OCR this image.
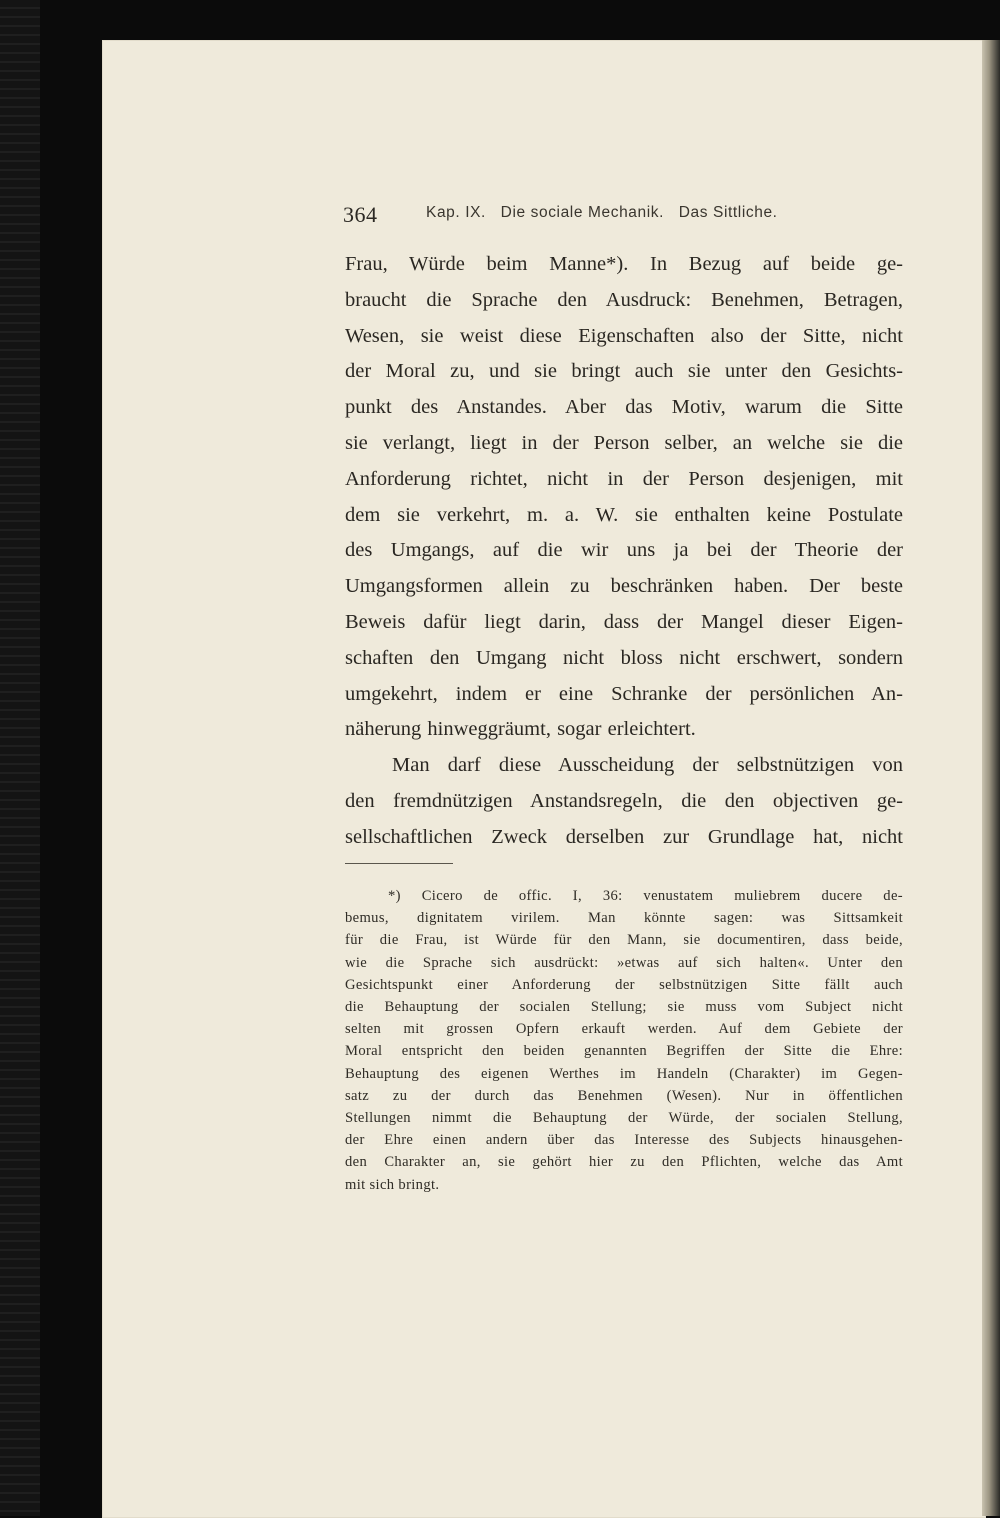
364	Kap. IX.   Die sociale Mechanik.   Das Sittliche.
Frau, Würde beim Manne*). In Bezug auf beide ge-
braucht die Sprache den Ausdruck: Benehmen, Betragen,
Wesen, sie weist diese Eigenschaften also der Sitte, nicht
der Moral zu, und sie bringt auch sie unter den Gesichts-
punkt des Anstandes. Aber das Motiv, warum die Sitte
sie verlangt, liegt in der Person selber, an welche sie die
Anforderung richtet, nicht in der Person desjenigen, mit
dem sie verkehrt, m. a. W. sie enthalten keine Postulate
des Umgangs, auf die wir uns ja bei der Theorie der
Umgangsformen allein zu beschränken haben. Der beste
Beweis dafür liegt darin, dass der Mangel dieser Eigen-
schaften den Umgang nicht bloss nicht erschwert, sondern
umgekehrt, indem er eine Schranke der persönlichen An-
näherung hinweggräumt, sogar erleichtert.
Man darf diese Ausscheidung der selbstnützigen von
den fremdnützigen Anstandsregeln, die den objectiven ge-
sellschaftlichen Zweck derselben zur Grundlage hat, nicht
*) Cicero de offic. I, 36: venustatem muliebrem ducere de-
bemus, dignitatem virilem. Man könnte sagen: was Sittsamkeit
für die Frau, ist Würde für den Mann, sie documentiren, dass beide,
wie die Sprache sich ausdrückt: »etwas auf sich halten«. Unter den
Gesichtspunkt einer Anforderung der selbstnützigen Sitte fällt auch
die Behauptung der socialen Stellung; sie muss vom Subject nicht
selten mit grossen Opfern erkauft werden. Auf dem Gebiete der
Moral entspricht den beiden genannten Begriffen der Sitte die Ehre:
Behauptung des eigenen Werthes im Handeln (Charakter) im Gegen-
satz zu der durch das Benehmen (Wesen). Nur in öffentlichen
Stellungen nimmt die Behauptung der Würde, der socialen Stellung,
der Ehre einen andern über das Interesse des Subjects hinausgehen-
den Charakter an, sie gehört hier zu den Pflichten, welche das Amt
mit sich bringt.
